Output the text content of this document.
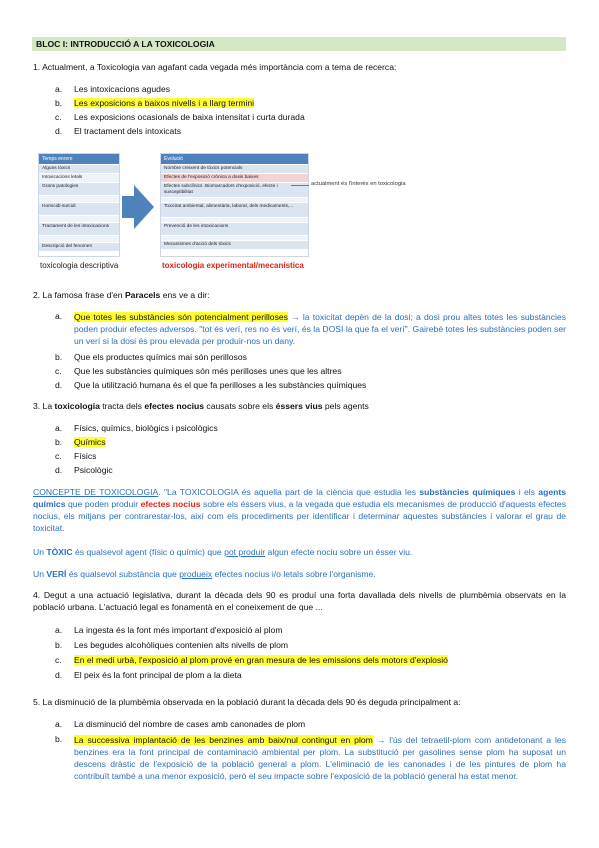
BLOC I: INTRODUCCIÓ A LA TOXICOLOGIA
1. Actualment, a Toxicologia van agafant cada vegada més importància com a tema de recerca:
a. Les intoxicacions agudes
b. Les exposicions a baixos nivells i a llarg termini
c. Les exposicions ocasionals de baixa intensitat i curta durada
d. El tractament dels intoxicats
Temps enrere
Alguns tòxics
Intoxicacions letals
Grans patologies
Homicidi-suïcidi
Tractament de les intoxicacions
Descripció del fenomen
Evolució
Nombre creixent de tòxics potencials
Efectes de l'exposició crònica a dosis baixes
Efectes subclínics. Biomarcadors d'exposició, efecte i susceptibilitat
Toxicitat ambiental, alimentària, laboral, dels medicaments,...
Prevenció de les intoxicacions
Mecanismes d'acció dels tòxics
toxicologia descriptiva	toxicologia experimental/mecanística
actualment és l'interès en toxicologia
2. La famosa frase d'en Paracels ens ve a dir:
a. Que totes les substàncies són potencialment perilloses → la toxicitat depèn de la dosi; a dosi prou altes totes les substàncies poden produir efectes adversos. "tot és verí, res no és verí, és la DOSI la que fa el verí". Gairebé totes les substàncies poden ser un verí si la dosi és prou elevada per produir-nos un dany.
b. Que els productes químics mai són perillosos
c. Que les substàncies químiques són més perilloses unes que les altres
d. Que la utilització humana és el que fa perilloses a les substàncies químiques
3. La toxicologia tracta dels efectes nocius causats sobre els éssers vius pels agents
a. Físics, químics, biològics i psicològics
b. Químics
c. Físics
d. Psicològic
CONCEPTE DE TOXICOLOGIA. "La TOXICOLOGIA és aquella part de la ciència que estudia les substàncies químiques i els agents químics que poden produir efectes nocius sobre els éssers vius, a la vegada que estudia els mecanismes de producció d'aquests efectes nocius, els mitjans per contrarestar-los, així com els procediments per identificar i determinar aquestes substàncies i valorar el grau de toxicitat.
Un TÒXIC és qualsevol agent (físic o químic) que pot produir algun efecte nociu sobre un ésser viu.
Un VERÍ és qualsevol substància que produeix efectes nocius i/o letals sobre l'organisme.
4. Degut a una actuació legislativa, durant la dècada dels 90 es produí una forta davallada dels nivells de plumbèmia observats en la població urbana. L'actuació legal es fonamentà en el coneixement de que ...
a. La ingesta és la font més important d'exposició al plom
b. Les begudes alcohòliques contenien alts nivells de plom
c. En el medi urbà, l'exposició al plom prové en gran mesura de les emissions dels motors d'explosió
d. El peix és la font principal de plom a la dieta
5. La disminució de la plumbèmia observada en la població durant la dècada dels 90 és deguda principalment a:
a. La disminució del nombre de cases amb canonades de plom
b. La successiva implantació de les benzines amb baix/nul contingut en plom → l'ús del tetraetil-plom com antidetonant a les benzines era la font principal de contaminació ambiental per plom. La substitució per gasolines sense plom ha suposat un descens dràstic de l'exposició de la població general a plom. L'eliminació de les canonades i de les pintures de plom ha contribuït també a una menor exposició, però el seu impacte sobre l'exposició de la població general ha estat menor.
